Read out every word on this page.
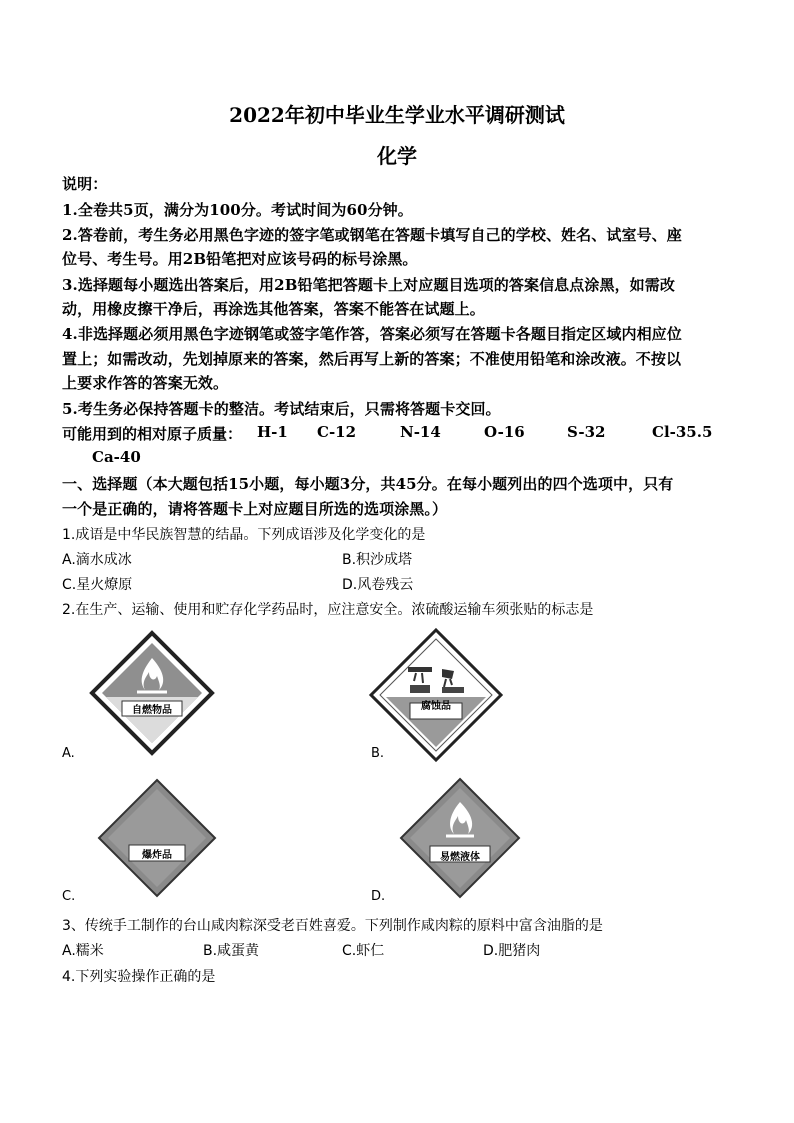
2022年初中毕业生学业水平调研测试
化学
说明：
1.全卷共5页，满分为100分。考试时间为60分钟。
2.答卷前，考生务必用黑色字迹的签字笔或钢笔在答题卡填写自己的学校、姓名、试室号、座
位号、考生号。用2B铅笔把对应该号码的标号涂黑。
3.选择题每小题选出答案后，用2B铅笔把答题卡上对应题目选项的答案信息点涂黑，如需改
动，用橡皮擦干净后，再涂选其他答案，答案不能答在试题上。
4.非选择题必须用黑色字迹钢笔或签字笔作答，答案必须写在答题卡各题目指定区域内相应位
置上；如需改动，先划掉原来的答案，然后再写上新的答案；不准使用铅笔和涂改液。不按以
上要求作答的答案无效。
5.考生务必保持答题卡的整洁。考试结束后，只需将答题卡交回。
可能用到的相对原子质量： H-1 C-12	N-14	O-16	S-32	Cl-35.5
Ca-40
一、选择题（本大题包括15小题，每小题3分，共45分。在每小题列出的四个选项中，只有
一个是正确的，请将答题卡上对应题目所选的选项涂黑。）
1.成语是中华民族智慧的结晶。下列成语涉及化学变化的是
A.滴水成冰	B.积沙成塔
C.星火燎原	D.风卷残云
2.在生产、运输、使用和贮存化学药品时，应注意安全。浓硫酸运输车须张贴的标志是
自燃物品
A.
腐蚀品
B.
爆炸品
C.
易燃液体
D.
3、传统手工制作的台山咸肉粽深受老百姓喜爱。下列制作咸肉粽的原料中富含油脂的是
A.糯米	B.咸蛋黄	C.虾仁	D.肥猪肉
4.下列实验操作正确的是
